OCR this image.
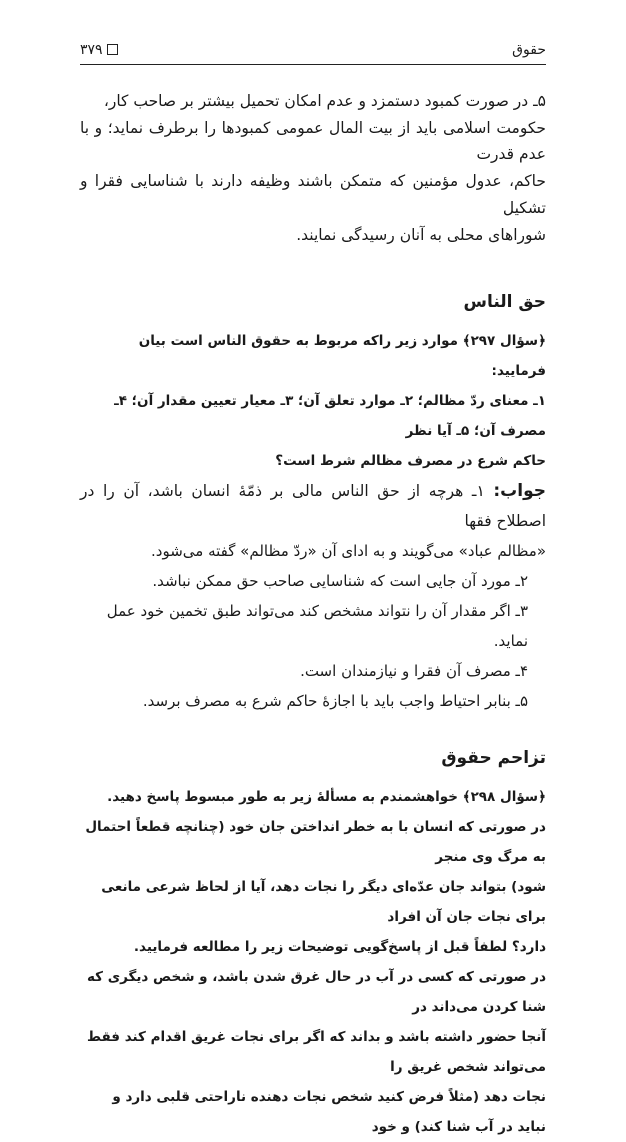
حقوق
۳۷۹

۵ـ در صورت کمبود دستمزد و عدم امکان تحمیل بیشتر بر صاحب کار،

حکومت اسلامی باید از بیت المال عمومی کمبودها را برطرف نماید؛ و با عدم قدرت

حاکم، عدول مؤمنین که متمکن باشند وظیفه دارند با شناسایی فقرا و تشکیل

شوراهای محلی به آنان رسیدگی نمایند.

حق الناس

﴿سؤال ۲۹۷﴾ موارد زیر راکه مربوط به حقوق الناس است بیان فرمایید:

۱ـ معنای ردّ مظالم؛ ۲ـ موارد تعلق آن؛ ۳ـ معیار تعیین مقدار آن؛ ۴ـ مصرف آن؛ ۵ـ آیا نظر

حاکم شرع در مصرف مظالم شرط است؟

جواب: ۱ـ هرچه از حق الناس مالی بر ذمّهٔ انسان باشد، آن را در اصطلاح فقها

«مظالم عباد» می‌گویند و به ادای آن «ردّ مظالم» گفته می‌شود.

۲ـ مورد آن جایی است که شناسایی صاحب حق ممکن نباشد.

۳ـ اگر مقدار آن را نتواند مشخص کند می‌تواند طبق تخمین خود عمل نماید.

۴ـ مصرف آن فقرا و نیازمندان است.

۵ـ بنابر احتیاط واجب باید با اجازهٔ حاکم شرع به مصرف برسد.

تزاحم حقوق

﴿سؤال ۲۹۸﴾ خواهشمندم به مسألهٔ زیر به طور مبسوط پاسخ دهید.

در صورتی که انسان با به خطر انداختن جان خود (چنانچه قطعاً احتمال به مرگ وی منجر

شود) بتواند جان عدّه‌ای دیگر را نجات دهد، آیا از لحاظ شرعی مانعی برای نجات جان آن افراد

دارد؟ لطفاً قبل از پاسخ‌گویی توضیحات زیر را مطالعه فرمایید.

در صورتی که کسی در آب در حال غرق شدن باشد، و شخص دیگری که شنا کردن می‌داند در

آنجا حضور داشته باشد و بداند که اگر برای نجات غریق اقدام کند فقط می‌تواند شخص غریق را

نجات دهد (مثلاً فرض کنید شخص نجات دهنده ناراحتی قلبی دارد و نباید در آب شنا کند) و خود
